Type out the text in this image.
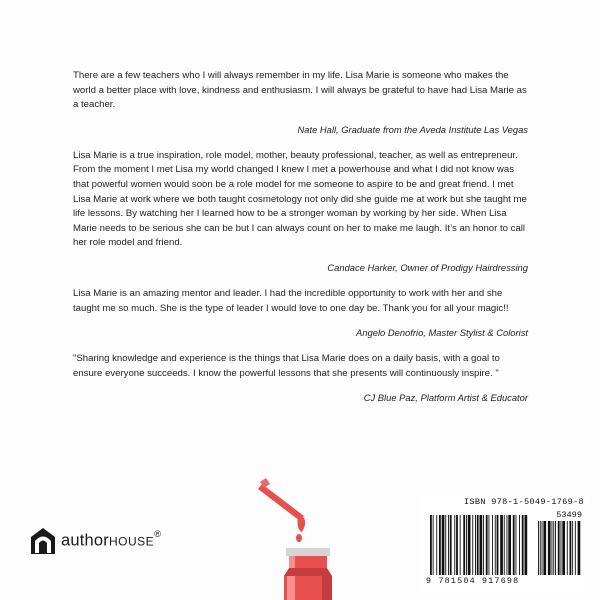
There are a few teachers who I will always remember in my life. Lisa Marie is someone who makes the world a better place with love, kindness and enthusiasm. I will always be grateful to have had Lisa Marie as a teacher.

Nate Hall, Graduate from the Aveda Institute Las Vegas

Lisa Marie is a true inspiration, role model, mother, beauty professional, teacher, as well as entrepreneur. From the moment I met Lisa my world changed I knew I met a powerhouse and what I did not know was that powerful women would soon be a role model for me someone to aspire to be and great friend. I met Lisa Marie at work where we both taught cosmetology not only did she guide me at work but she taught me life lessons. By watching her I learned how to be a stronger woman by working by her side. When Lisa Marie needs to be serious she can be but I can always count on her to make me laugh. It’s an honor to call her role model and friend.

Candace Harker, Owner of Prodigy Hairdressing

Lisa Marie is an amazing mentor and leader. I had the incredible opportunity to work with her and she taught me so much. She is the type of leader I would love to one day be. Thank you for all your magic!!

Angelo Denofrio, Master Stylist & Colorist

"Sharing knowledge and experience is the things that Lisa Marie does on a daily basis, with a goal to ensure everyone succeeds. I know the powerful lessons that she presents will continuously inspire. "

CJ Blue Paz, Platform Artist & Educator

authorHOUSE®
ISBN 978-1-5049-1769-8
53499
9 781504 917698
